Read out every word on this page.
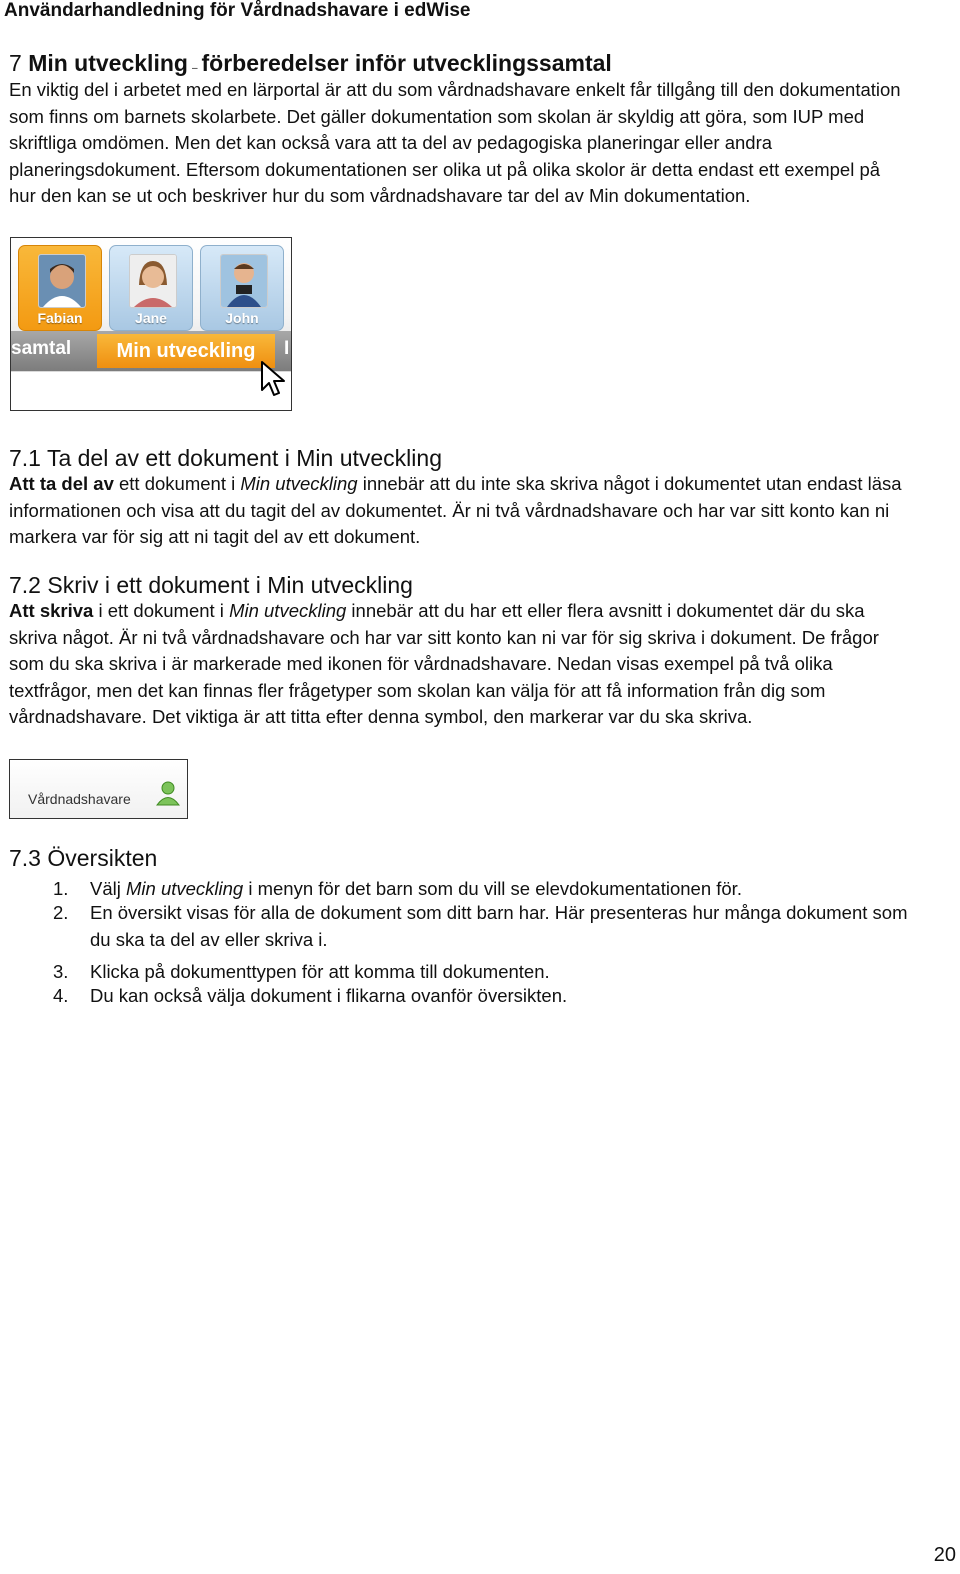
Användarhandledning för Vårdnadshavare i edWise
7 Min utveckling – förberedelser inför utvecklingssamtal
En viktig del i arbetet med en lärportal är att du som vårdnadshavare enkelt får tillgång till den dokumentation som finns om barnets skolarbete. Det gäller dokumentation som skolan är skyldig att göra, som IUP med skriftliga omdömen. Men det kan också vara att ta del av pedagogiska planeringar eller andra planeringsdokument. Eftersom dokumentationen ser olika ut på olika skolor är detta endast ett exempel på hur den kan se ut och beskriver hur du som vårdnadshavare tar del av Min dokumentation.
Fabian	Jane	John
samtal	Min utveckling	I
7.1 Ta del av ett dokument i Min utveckling
Att ta del av ett dokument i Min utveckling innebär att du inte ska skriva något i dokumentet utan endast läsa informationen och visa att du tagit del av dokumentet. Är ni två vårdnadshavare och har var sitt konto kan ni markera var för sig att ni tagit del av ett dokument.
7.2 Skriv i ett dokument i Min utveckling
Att skriva i ett dokument i Min utveckling innebär att du har ett eller flera avsnitt i dokumentet där du ska skriva något. Är ni två vårdnadshavare och har var sitt konto kan ni var för sig skriva i dokument. De frågor som du ska skriva i är markerade med ikonen för vårdnadshavare. Nedan visas exempel på två olika textfrågor, men det kan finnas fler frågetyper som skolan kan välja för att få information från dig som vårdnadshavare. Det viktiga är att titta efter denna symbol, den markerar var du ska skriva.
Vårdnadshavare
7.3 Översikten
1. Välj Min utveckling i menyn för det barn som du vill se elevdokumentationen för.
2. En översikt visas för alla de dokument som ditt barn har. Här presenteras hur många dokument som du ska ta del av eller skriva i.
3. Klicka på dokumenttypen för att komma till dokumenten.
4. Du kan också välja dokument i flikarna ovanför översikten.
20
